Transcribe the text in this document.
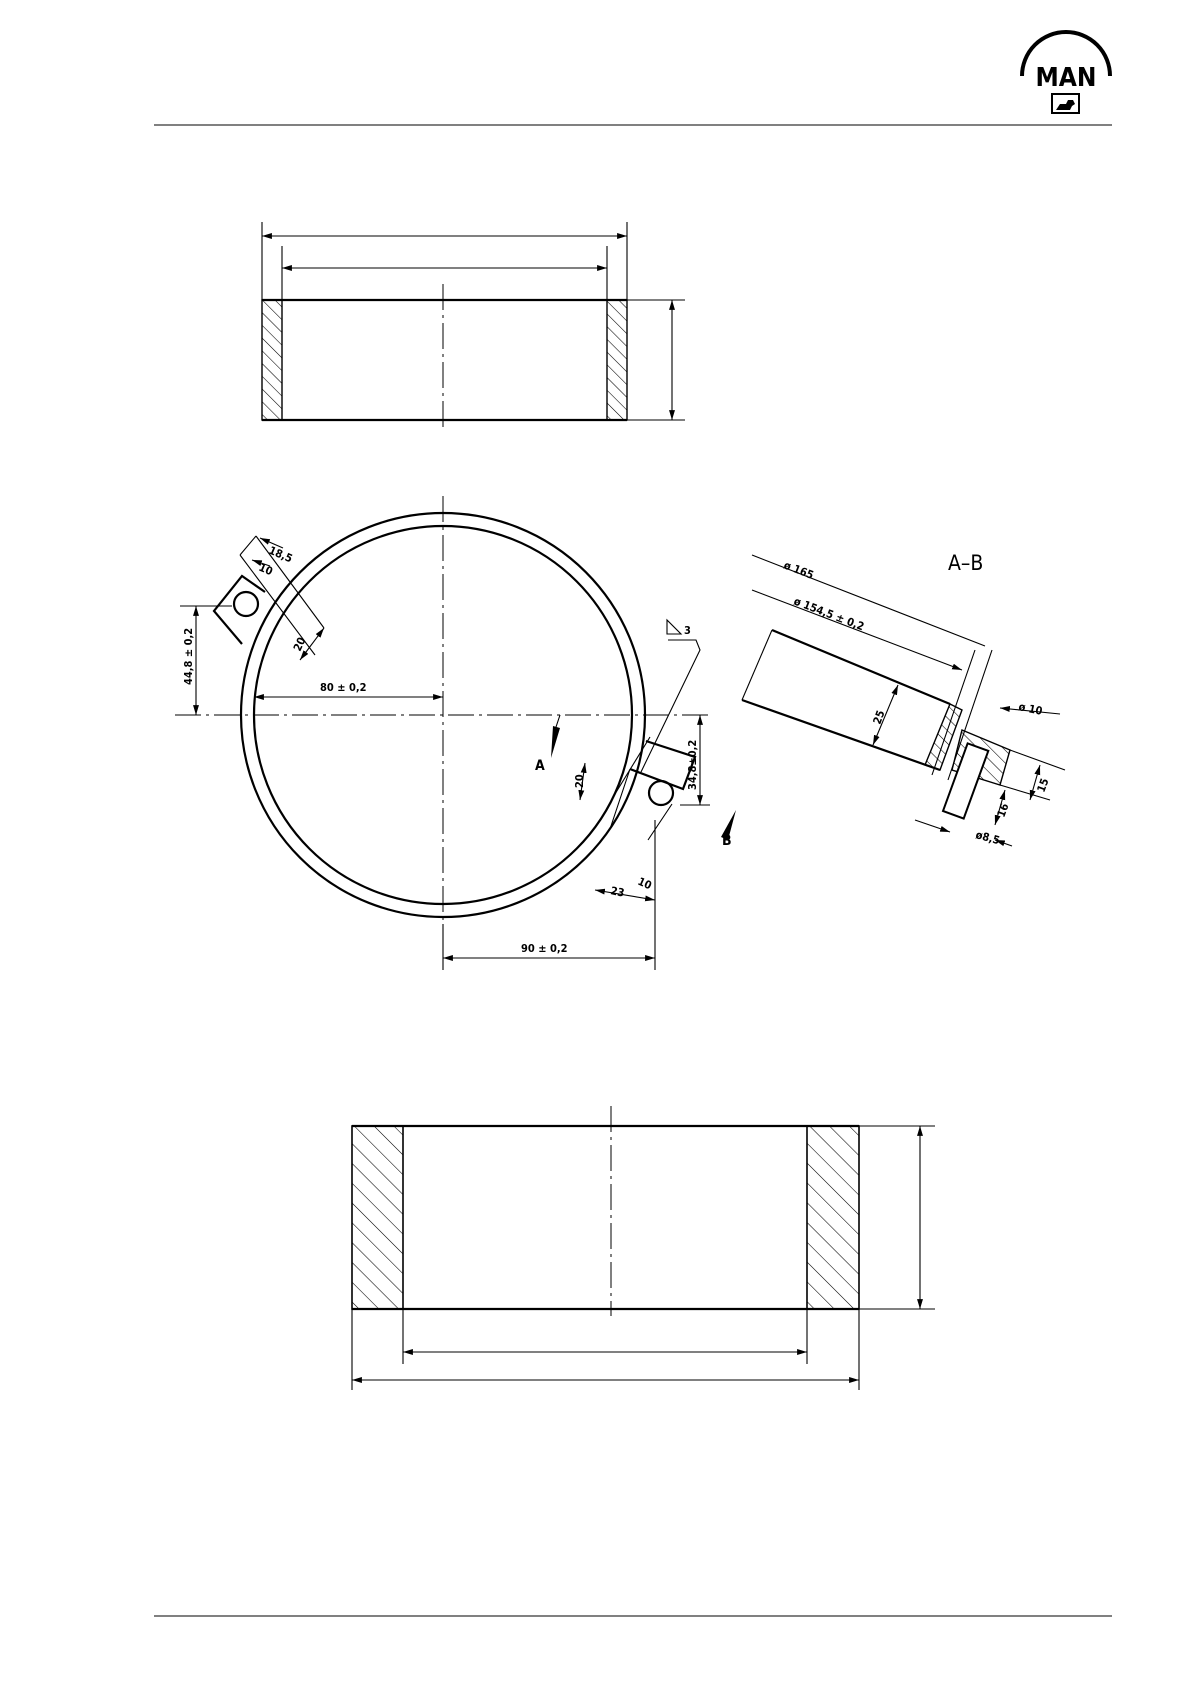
MAN
18,5
10
20
44,8 ± 0,2
80 ± 0,2
20
10
23
3
34,8±0,2
A
B
90 ± 0,2
A–B
ø 165
ø 154,5 ± 0,2
25	ø 10
15
16
ø8,5
